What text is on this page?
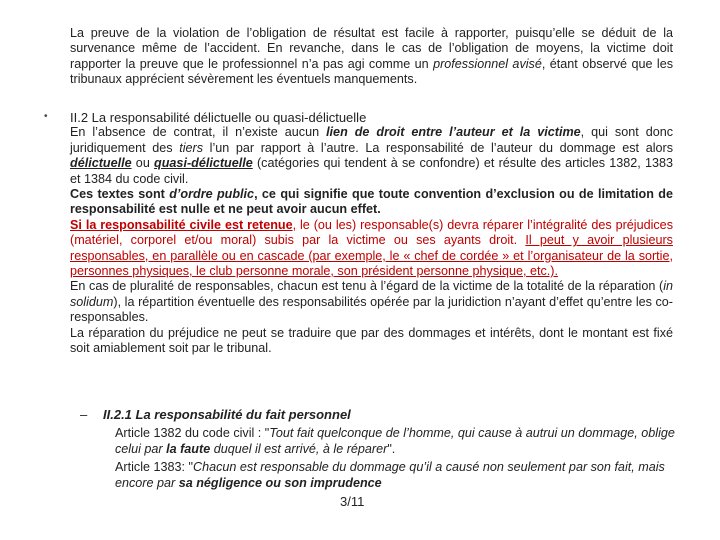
La preuve de la violation de l’obligation de résultat est facile à rapporter, puisqu’elle se déduit de la survenance même de l’accident. En revanche, dans le cas de l’obligation de moyens, la victime doit rapporter la preuve que le professionnel n’a pas agi comme un professionnel avisé, étant observé que les tribunaux apprécient sévèrement les éventuels manquements.

• II.2 La responsabilité délictuelle ou quasi-délictuelle
En l’absence de contrat, il n’existe aucun lien de droit entre l’auteur et la victime, qui sont donc juridiquement des tiers l’un par rapport à l’autre. La responsabilité de l’auteur du dommage est alors délictuelle ou quasi-délictuelle (catégories qui tendent à se confondre) et résulte des articles 1382, 1383 et 1384 du code civil.
Ces textes sont d’ordre public, ce qui signifie que toute convention d’exclusion ou de limitation de responsabilité est nulle et ne peut avoir aucun effet.
Si la responsabilité civile est retenue, le (ou les) responsable(s) devra réparer l’intégralité des préjudices (matériel, corporel et/ou moral) subis par la victime ou ses ayants droit. Il peut y avoir plusieurs responsables, en parallèle ou en cascade (par exemple, le « chef de cordée » et l’organisateur de la sortie, personnes physiques, le club personne morale, son président personne physique, etc.).
En cas de pluralité de responsables, chacun est tenu à l’égard de la victime de la totalité de la réparation (in solidum), la répartition éventuelle des responsabilités opérée par la juridiction n’ayant d’effet qu’entre les co-responsables.
La réparation du préjudice ne peut se traduire que par des dommages et intérêts, dont le montant est fixé soit amiablement soit par le tribunal.
– II.2.1 La responsabilité du fait personnel

Article 1382 du code civil : "Tout fait quelconque de l’homme, qui cause à autrui un dommage, oblige celui par la faute duquel il est arrivé, à le réparer".

Article 1383: "Chacun est responsable du dommage qu’il a causé non seulement par son fait, mais encore par sa négligence ou son imprudence

3/11
